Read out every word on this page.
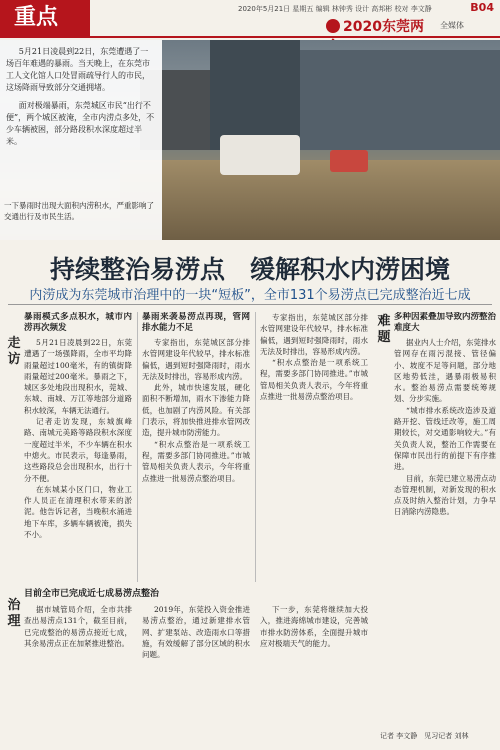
重点	2020年5月21日 星期五 编辑 林钟秀 设计 高邦彬 校对 李文静	B04
2020东莞两	全媒体

5月21日凌晨到22日，东莞遭遇了一场百年难遇的暴雨。当天晚上，在东莞市工人文化馆人口处冒雨疏导行人的市民，这场降雨导致部分交通拥堵。

面对极端暴雨，东莞城区市民“出行不便”，两个城区被淹，全市内涝点多处，不少车辆被困，部分路段积水深度超过半米。

一下暴雨时出现大面积内涝积水，严重影响了交通出行及市民生活。
持续整治易涝点　缓解积水内涝困境
内涝成为东莞城市治理中的一块“短板”，全市131个易涝点已完成整治近七成
走访
暴雨模式多点积水，城市内涝再次频发

5月21日凌晨到22日，东莞遭遇了一场强降雨，全市平均降雨量超过100毫米，有的镇街降雨量超过200毫米。暴雨之下，城区多处地段出现积水，莞城、东城、南城、万江等地部分道路积水较深，车辆无法通行。

记者走访发现，东城旗峰路、南城元美路等路段积水深度一度超过半米，不少车辆在积水中熄火。市民表示，每逢暴雨，这些路段总会出现积水，出行十分不便。

在东城某小区门口，物业工作人员正在清理积水带来的淤泥。他告诉记者，当晚积水涌进地下车库，多辆车辆被淹，损失不小。

暴雨来袭易涝点再现，管网排水能力不足

专家指出，东莞城区部分排水管网建设年代较早，排水标准偏低，遇到短时强降雨时，雨水无法及时排出，容易形成内涝。

此外，城市快速发展，硬化面积不断增加，雨水下渗能力降低，也加剧了内涝风险。有关部门表示，将加快推进排水管网改造，提升城市防涝能力。

“积水点整治是一项系统工程，需要多部门协同推进。”市城管局相关负责人表示，今年将重点推进一批易涝点整治项目。

专家指出，东莞城区部分排水管网建设年代较早，排水标准偏低，遇到短时强降雨时，雨水无法及时排出，容易形成内涝。

“积水点整治是一项系统工程，需要多部门协同推进。”市城管局相关负责人表示，今年将重点推进一批易涝点整治项目。

难题
多种因素叠加导致内涝整治难度大

据业内人士介绍，东莞排水管网存在雨污混接、管径偏小、坡度不足等问题，部分地区地势低洼，遇暴雨极易积水。整治易涝点需要统筹规划、分步实施。

“城市排水系统改造涉及道路开挖、管线迁改等，施工周期较长，对交通影响较大。”有关负责人说，整治工作需要在保障市民出行的前提下有序推进。

目前，东莞已建立易涝点动态管理机制，对新发现的积水点及时纳入整治计划，力争早日消除内涝隐患。

治理
目前全市已完成近七成易涝点整治

据市城管局介绍，全市共排查出易涝点131个，截至目前，已完成整治的易涝点接近七成，其余易涝点正在加紧推进整治。

2019年，东莞投入资金推进易涝点整治，通过新建排水管网、扩建泵站、改造雨水口等措施，有效缓解了部分区域的积水问题。

下一步，东莞将继续加大投入，推进海绵城市建设，完善城市排水防涝体系，全面提升城市应对极端天气的能力。

记者 李文静　见习记者 刘林
